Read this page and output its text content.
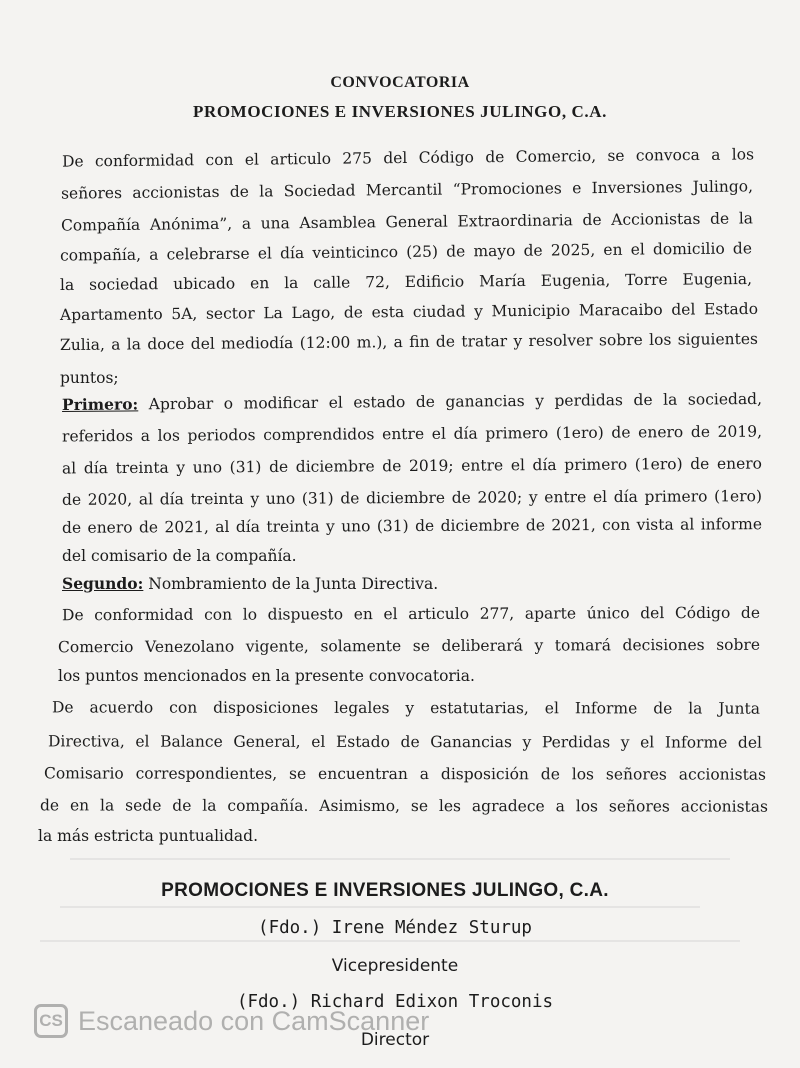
CONVOCATORIA
PROMOCIONES E INVERSIONES JULINGO, C.A.
De conformidad con el articulo 275 del Código de Comercio, se convoca a los
señores accionistas de la Sociedad Mercantil “Promociones e Inversiones Julingo,
Compañía Anónima”, a una Asamblea General Extraordinaria de Accionistas de la
compañía, a celebrarse el día veinticinco (25) de mayo de 2025, en el domicilio de
la sociedad ubicado en la calle 72, Edificio María Eugenia, Torre Eugenia,
Apartamento 5A, sector La Lago, de esta ciudad y Municipio Maracaibo del Estado
Zulia, a la doce del mediodía (12:00 m.), a fin de tratar y resolver sobre los siguientes
puntos;
Primero: Aprobar o modificar el estado de ganancias y perdidas de la sociedad,
referidos a los periodos comprendidos entre el día primero (1ero) de enero de 2019,
al día treinta y uno (31) de diciembre de 2019; entre el día primero (1ero) de enero
de 2020, al día treinta y uno (31) de diciembre de 2020; y entre el día primero (1ero)
de enero de 2021, al día treinta y uno (31) de diciembre de 2021, con vista al informe
del comisario de la compañía.
Segundo: Nombramiento de la Junta Directiva.
De conformidad con lo dispuesto en el articulo 277, aparte único del Código de
Comercio Venezolano vigente, solamente se deliberará y tomará decisiones sobre
los puntos mencionados en la presente convocatoria.
De acuerdo con disposiciones legales y estatutarias, el Informe de la Junta
Directiva, el Balance General, el Estado de Ganancias y Perdidas y el Informe del
Comisario correspondientes, se encuentran a disposición de los señores accionistas
de en la sede de la compañía. Asimismo, se les agradece a los señores accionistas
la más estricta puntualidad.
PROMOCIONES E INVERSIONES JULINGO, C.A.
(Fdo.) Irene Méndez Sturup
Vicepresidente
(Fdo.) Richard Edixon Troconis
Director
CS Escaneado con CamScanner
